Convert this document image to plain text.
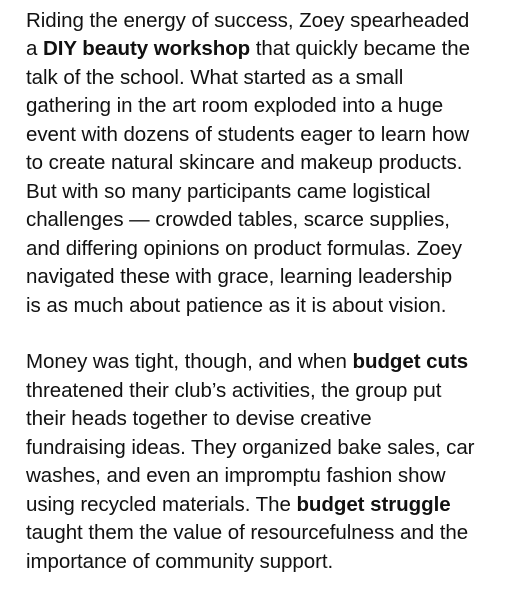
Riding the energy of success, Zoey spearheaded
a DIY beauty workshop that quickly became the
talk of the school. What started as a small
gathering in the art room exploded into a huge
event with dozens of students eager to learn how
to create natural skincare and makeup products.
But with so many participants came logistical
challenges — crowded tables, scarce supplies,
and differing opinions on product formulas. Zoey
navigated these with grace, learning leadership
is as much about patience as it is about vision.

Money was tight, though, and when budget cuts
threatened their club’s activities, the group put
their heads together to devise creative
fundraising ideas. They organized bake sales, car
washes, and even an impromptu fashion show
using recycled materials. The budget struggle
taught them the value of resourcefulness and the
importance of community support.
